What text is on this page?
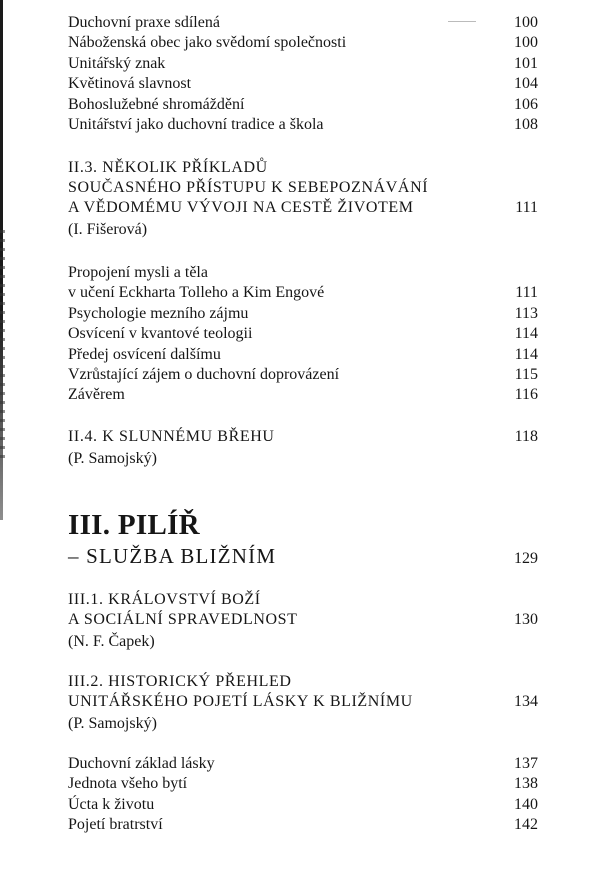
Duchovní praxe sdílená	100
Náboženská obec jako svědomí společnosti	100
Unitářský znak	101
Květinová slavnost	104
Bohoslužebné shromáždění	106
Unitářství jako duchovní tradice a škola	108
II.3. NĚKOLIK PŘÍKLADŮ
SOUČASNÉHO PŘÍSTUPU K SEBEPOZNÁVÁNÍ
A VĚDOMÉMU VÝVOJI NA CESTĚ ŽIVOTEM	111
(I. Fišerová)
Propojení mysli a těla
v učení Eckharta Tolleho a Kim Engové	111
Psychologie mezního zájmu	113
Osvícení v kvantové teologii	114
Předej osvícení dalšímu	114
Vzrůstající zájem o duchovní doprovázení	115
Závěrem	116
II.4. K SLUNNÉMU BŘEHU	118
(P. Samojský)
III. PILÍŘ
– SLUŽBA BLIŽNÍM	129
III.1. KRÁLOVSTVÍ BOŽÍ
A SOCIÁLNÍ SPRAVEDLNOST	130
(N. F. Čapek)
III.2. HISTORICKÝ PŘEHLED
UNITÁŘSKÉHO POJETÍ LÁSKY K BLIŽNÍMU	134
(P. Samojský)
Duchovní základ lásky	137
Jednota všeho bytí	138
Úcta k životu	140
Pojetí bratrství	142
